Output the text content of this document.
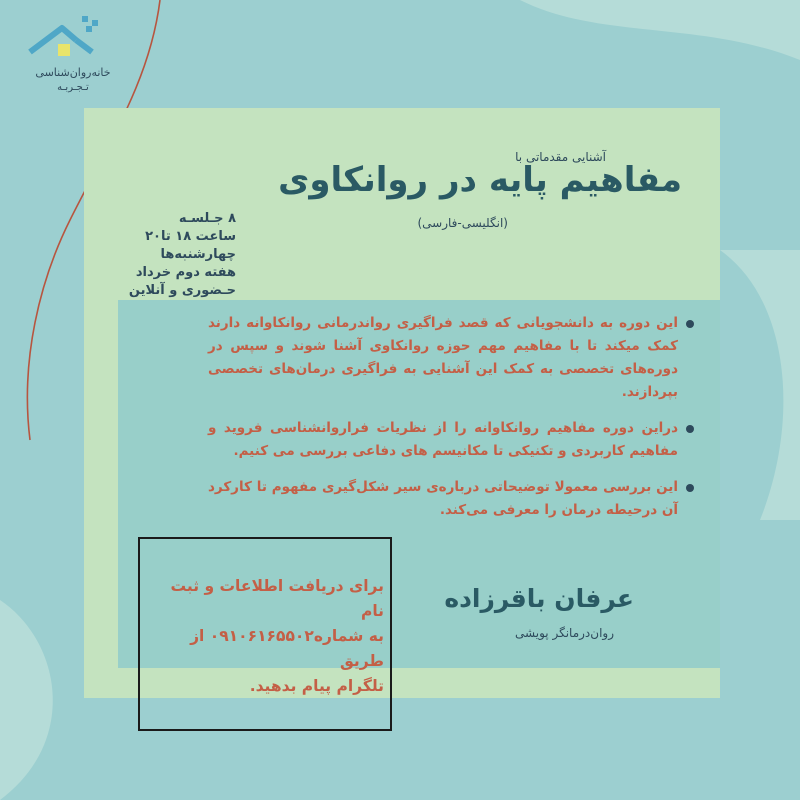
خانه‌روان‌شناسی
تـجـربـه
آشنایی مقدماتی با
مفاهیم پایه در روانکاوی
(انگلیسی-فارسی)
۸ جـلسـه
ساعت ۱۸ تا۲۰
چهارشنبه‌ها
هفته دوم خرداد
حـضوری و آنلاین
این دوره به دانشجویانی که قصد فراگیری رواندرمانی روانکاوانه دارند کمک میکند تا با مفاهیم مهم حوزه روانکاوی آشنا شوند و سپس در دوره‌های تخصصی به کمک این آشنایی به فراگیری درمان‌های تخصصی بپردازند.
دراین دوره مفاهیم روانکاوانه را از نظریات فراروانشناسی فروید و مفاهیم کاربردی و تکنیکی تا مکانیسم های دفاعی بررسی می کنیم.
این بررسی معمولا توضیحاتی درباره‌ی سیر شکل‌گیری مفهوم تا کارکرد آن درحیطه درمان را معرفی می‌کند.
برای دریافت اطلاعات و ثبت نام
به شماره۰۹۱۰۶۱۶۵۵۰۲ از طریق
تلگرام پیام بدهید.
عرفان باقرزاده
روان‌درمانگر پویشی
